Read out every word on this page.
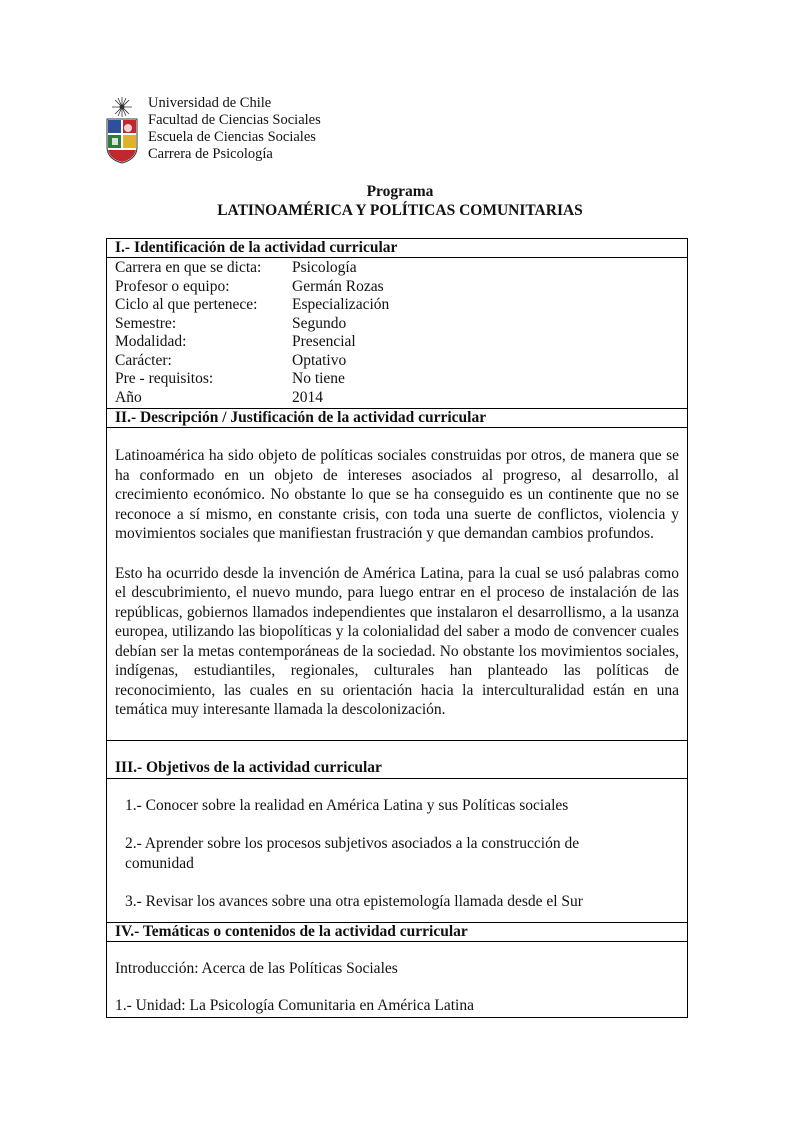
Universidad de Chile
Facultad de Ciencias Sociales
Escuela de Ciencias Sociales
Carrera de Psicología
Programa
LATINOAMÉRICA Y POLÍTICAS COMUNITARIAS
I.- Identificación de la actividad curricular

Carrera en que se dicta:	Psicología
Profesor o equipo:	Germán Rozas
Ciclo al que pertenece:	Especialización
Semestre:	Segundo
Modalidad:	Presencial
Carácter:	Optativo
Pre - requisitos:	No tiene
Año	2014

II.- Descripción / Justificación de la actividad curricular

Latinoamérica ha sido objeto de políticas sociales construidas por otros, de manera que se ha conformado en un objeto de intereses asociados al progreso, al desarrollo, al crecimiento económico. No obstante lo que se ha conseguido es un continente que no se reconoce a sí mismo, en constante crisis, con toda una suerte de conflictos, violencia y movimientos sociales que manifiestan frustración y que demandan cambios profundos.
Esto ha ocurrido desde la invención de América Latina, para la cual se usó palabras como el descubrimiento, el nuevo mundo, para luego entrar en el proceso de instalación de las repúblicas, gobiernos llamados independientes que instalaron el desarrollismo, a la usanza europea, utilizando las biopolíticas y la colonialidad del saber a modo de convencer cuales debían ser la metas contemporáneas de la sociedad. No obstante los movimientos sociales, indígenas, estudiantiles, regionales, culturales han planteado las políticas de reconocimiento, las cuales en su orientación hacia la interculturalidad están en una temática muy interesante llamada la descolonización.

III.- Objetivos de la actividad curricular

1.- Conocer sobre la realidad en América Latina y sus Políticas sociales
2.- Aprender sobre los procesos subjetivos asociados a la construcción de comunidad
3.- Revisar los avances sobre una otra epistemología llamada desde el Sur

IV.- Temáticas o contenidos de la actividad curricular

Introducción: Acerca de las Políticas Sociales
1.- Unidad: La Psicología Comunitaria en América Latina
